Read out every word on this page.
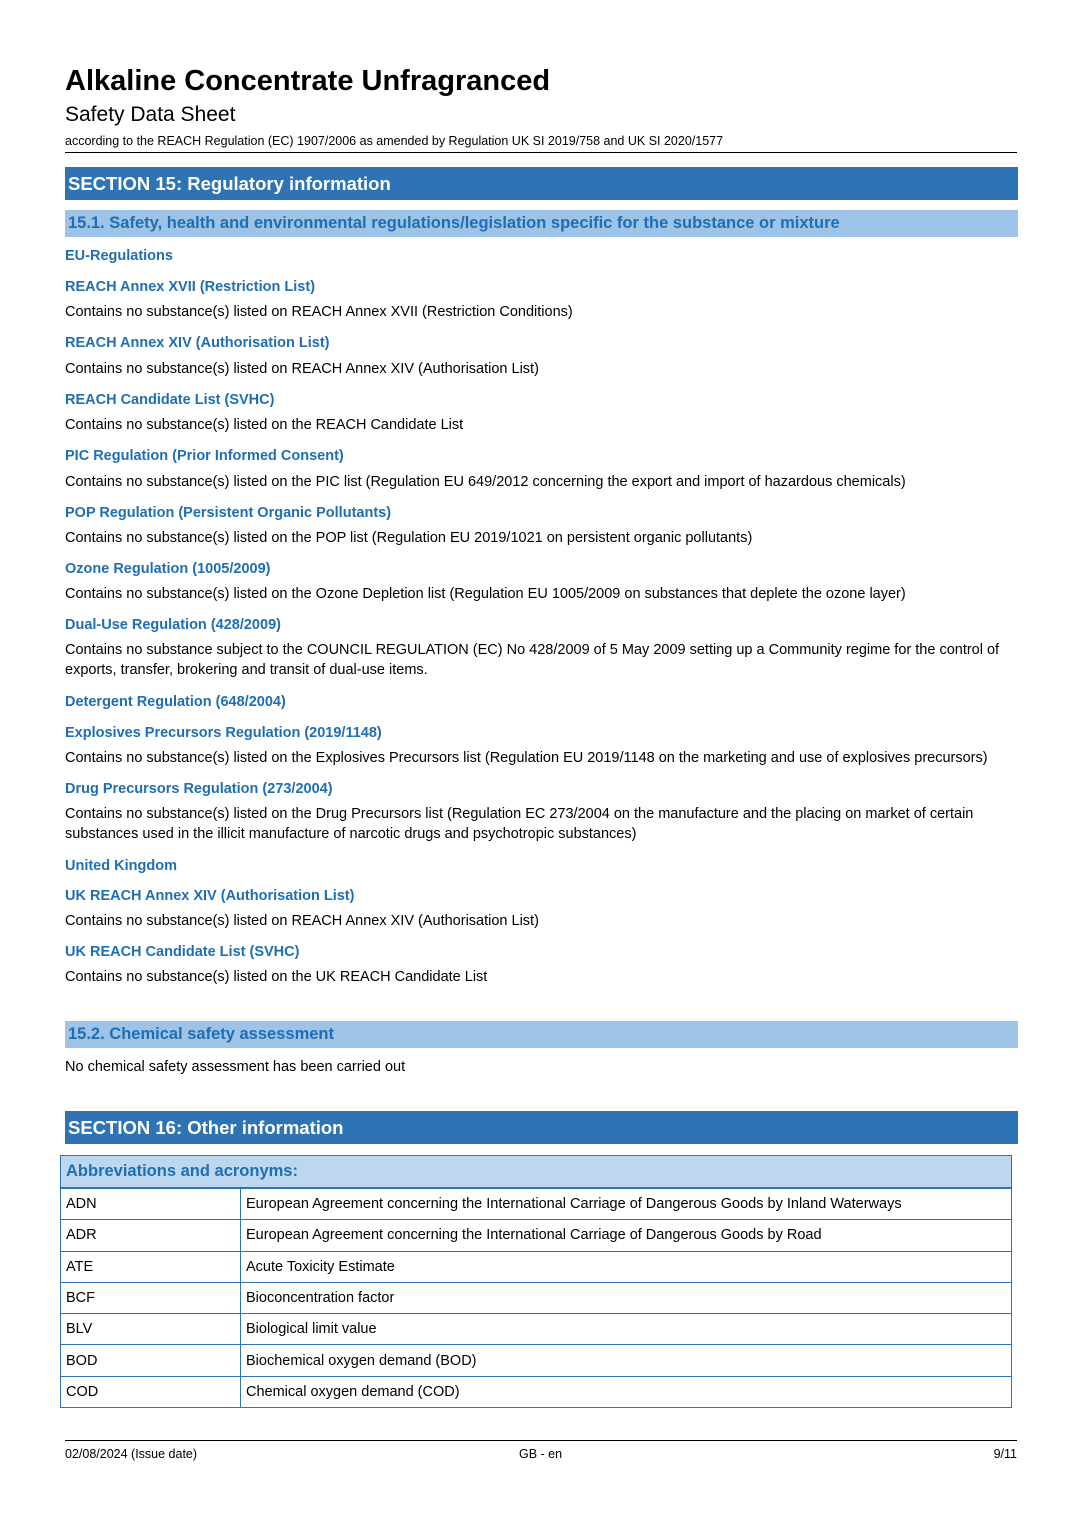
Alkaline Concentrate Unfragranced
Safety Data Sheet
according to the REACH Regulation (EC) 1907/2006 as amended by Regulation UK SI 2019/758 and UK SI 2020/1577
SECTION 15: Regulatory information
15.1. Safety, health and environmental regulations/legislation specific for the substance or mixture
EU-Regulations
REACH Annex XVII (Restriction List)
Contains no substance(s) listed on REACH Annex XVII (Restriction Conditions)
REACH Annex XIV (Authorisation List)
Contains no substance(s) listed on REACH Annex XIV (Authorisation List)
REACH Candidate List (SVHC)
Contains no substance(s) listed on the REACH Candidate List
PIC Regulation (Prior Informed Consent)
Contains no substance(s) listed on the PIC list (Regulation EU 649/2012 concerning the export and import of hazardous chemicals)
POP Regulation (Persistent Organic Pollutants)
Contains no substance(s) listed on the POP list (Regulation EU 2019/1021 on persistent organic pollutants)
Ozone Regulation (1005/2009)
Contains no substance(s) listed on the Ozone Depletion list (Regulation EU 1005/2009 on substances that deplete the ozone layer)
Dual-Use Regulation (428/2009)
Contains no substance subject to the COUNCIL REGULATION (EC) No 428/2009 of 5 May 2009 setting up a Community regime for the control of exports, transfer, brokering and transit of dual-use items.
Detergent Regulation (648/2004)
Explosives Precursors Regulation (2019/1148)
Contains no substance(s) listed on the Explosives Precursors list (Regulation EU 2019/1148 on the marketing and use of explosives precursors)
Drug Precursors Regulation (273/2004)
Contains no substance(s) listed on the Drug Precursors list (Regulation EC 273/2004 on the manufacture and the placing on market of certain substances used in the illicit manufacture of narcotic drugs and psychotropic substances)
United Kingdom
UK REACH Annex XIV (Authorisation List)
Contains no substance(s) listed on REACH Annex XIV (Authorisation List)
UK REACH Candidate List (SVHC)
Contains no substance(s) listed on the UK REACH Candidate List
15.2. Chemical safety assessment
No chemical safety assessment has been carried out
SECTION 16: Other information
Abbreviations and acronyms:
ADN	European Agreement concerning the International Carriage of Dangerous Goods by Inland Waterways
ADR	European Agreement concerning the International Carriage of Dangerous Goods by Road
ATE	Acute Toxicity Estimate
BCF	Bioconcentration factor
BLV	Biological limit value
BOD	Biochemical oxygen demand (BOD)
COD	Chemical oxygen demand (COD)
02/08/2024 (Issue date)	GB - en	9/11
